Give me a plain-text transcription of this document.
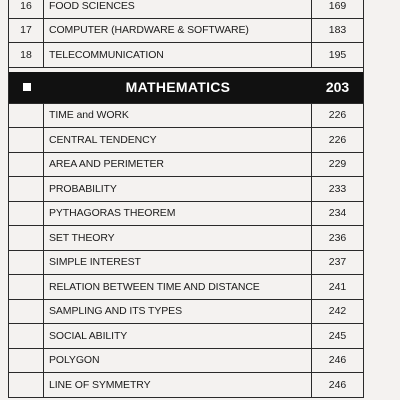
16	FOOD SCIENCES	169
17	COMPUTER (HARDWARE & SOFTWARE)	183
18	TELECOMMUNICATION	195
MATHEMATICS	203
TIME and WORK	226
CENTRAL TENDENCY	226
AREA AND PERIMETER	229
PROBABILITY	233
PYTHAGORAS THEOREM	234
SET THEORY	236
SIMPLE INTEREST	237
RELATION BETWEEN TIME AND DISTANCE	241
SAMPLING AND ITS TYPES	242
SOCIAL ABILITY	245
POLYGON	246
LINE OF SYMMETRY	246
